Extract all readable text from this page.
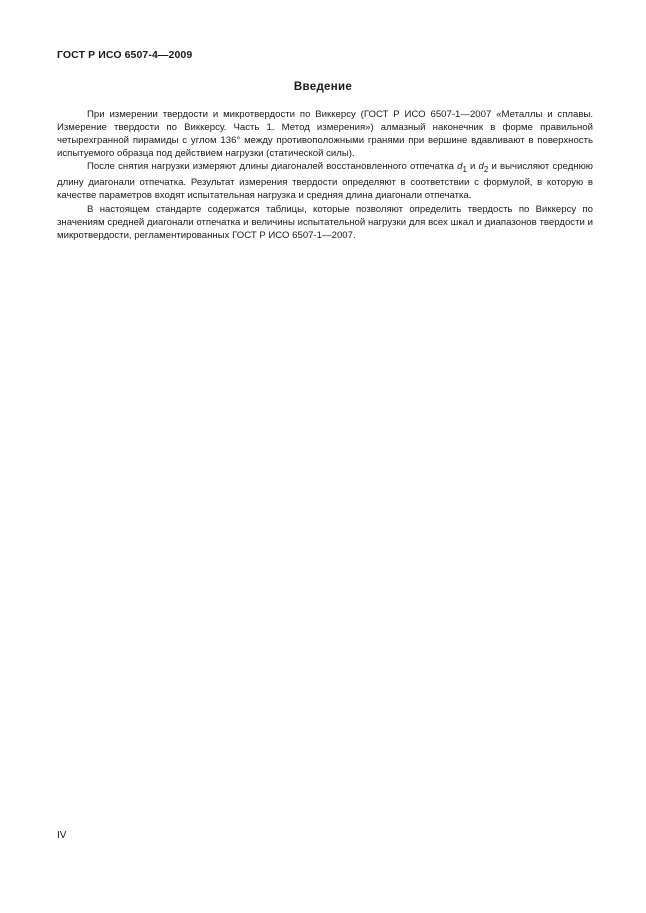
ГОСТ Р ИСО 6507-4—2009
Введение

При измерении твердости и микротвердости по Виккерсу (ГОСТ Р ИСО 6507-1—2007 «Металлы и сплавы. Измерение твердости по Виккерсу. Часть 1. Метод измерения») алмазный наконечник в форме правильной четырехгранной пирамиды с углом 136° между противоположными гранями при вершине вдавливают в поверхность испытуемого образца под действием нагрузки (статической силы).

После снятия нагрузки измеряют длины диагоналей восстановленного отпечатка $d_1$ и $d_2$ и вычисляют среднюю длину диагонали отпечатка. Результат измерения твердости определяют в соответствии с формулой, в которую в качестве параметров входят испытательная нагрузка и средняя длина диагонали отпечатка.

В настоящем стандарте содержатся таблицы, которые позволяют определить твердость по Виккерсу по значениям средней диагонали отпечатка и величины испытательной нагрузки для всех шкал и диапазонов твердости и микротвердости, регламентированных ГОСТ Р ИСО 6507-1—2007.

IV
